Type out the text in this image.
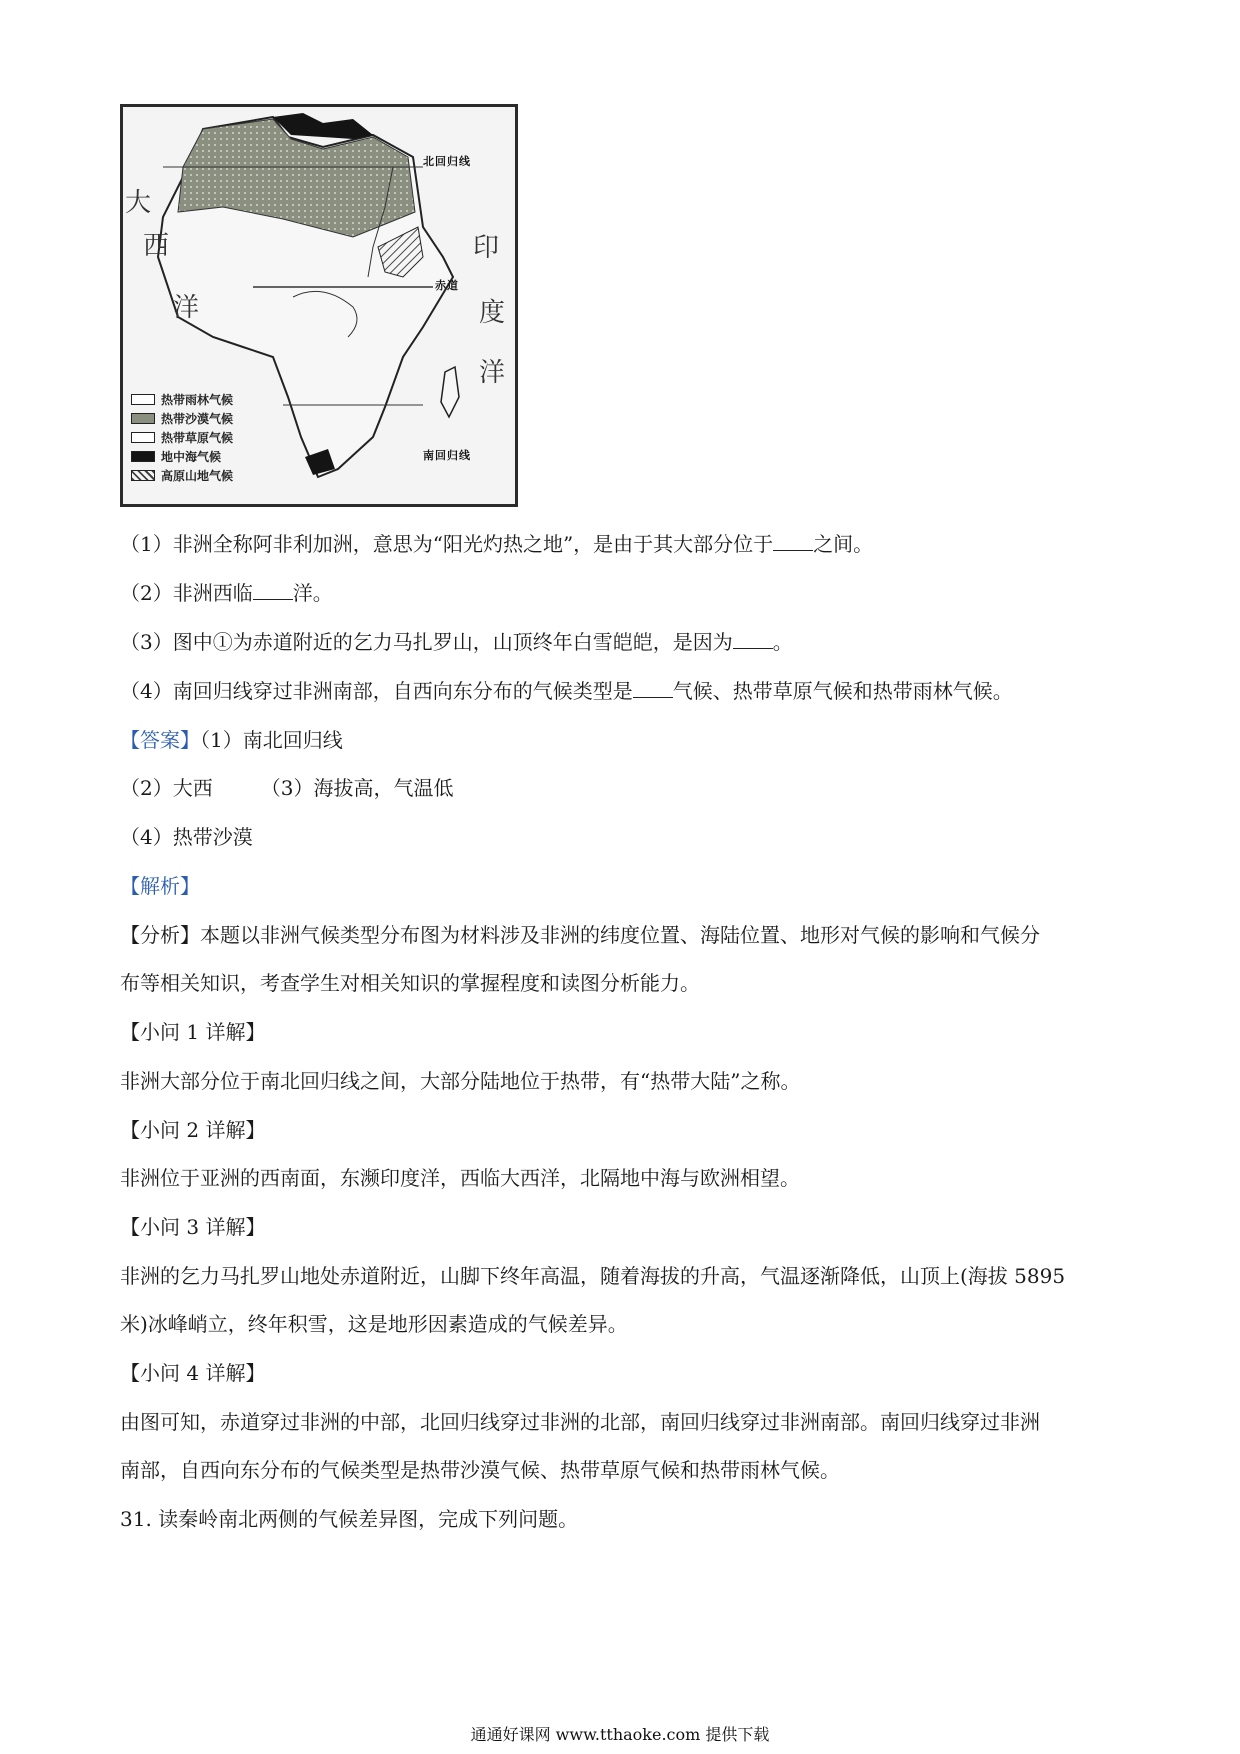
大
西
洋
印
度
洋
北回归线
赤道
南回归线
热带雨林气候
热带沙漠气候
热带草原气候
地中海气候
高原山地气候
（1）非洲全称阿非利加洲，意思为“阳光灼热之地”，是由于其大部分位于 之间。
（2）非洲西临 洋。
（3）图中①为赤道附近的乞力马扎罗山，山顶终年白雪皑皑，是因为 。
（4）南回归线穿过非洲南部，自西向东分布的气候类型是 气候、热带草原气候和热带雨林气候。
【答案】（1）南北回归线
（2）大西 （3）海拔高，气温低
（4）热带沙漠
【解析】
【分析】本题以非洲气候类型分布图为材料涉及非洲的纬度位置、海陆位置、地形对气候的影响和气候分
布等相关知识，考查学生对相关知识的掌握程度和读图分析能力。
【小问 1 详解】
非洲大部分位于南北回归线之间，大部分陆地位于热带，有“热带大陆”之称。
【小问 2 详解】
非洲位于亚洲的西南面，东濒印度洋，西临大西洋，北隔地中海与欧洲相望。
【小问 3 详解】
非洲的乞力马扎罗山地处赤道附近，山脚下终年高温，随着海拔的升高，气温逐渐降低，山顶上(海拔 5895
米)冰峰峭立，终年积雪，这是地形因素造成的气候差异。
【小问 4 详解】
由图可知，赤道穿过非洲的中部，北回归线穿过非洲的北部，南回归线穿过非洲南部。南回归线穿过非洲
南部，自西向东分布的气候类型是热带沙漠气候、热带草原气候和热带雨林气候。
31. 读秦岭南北两侧的气候差异图，完成下列问题。
通通好课网 www.tthaoke.com 提供下载
